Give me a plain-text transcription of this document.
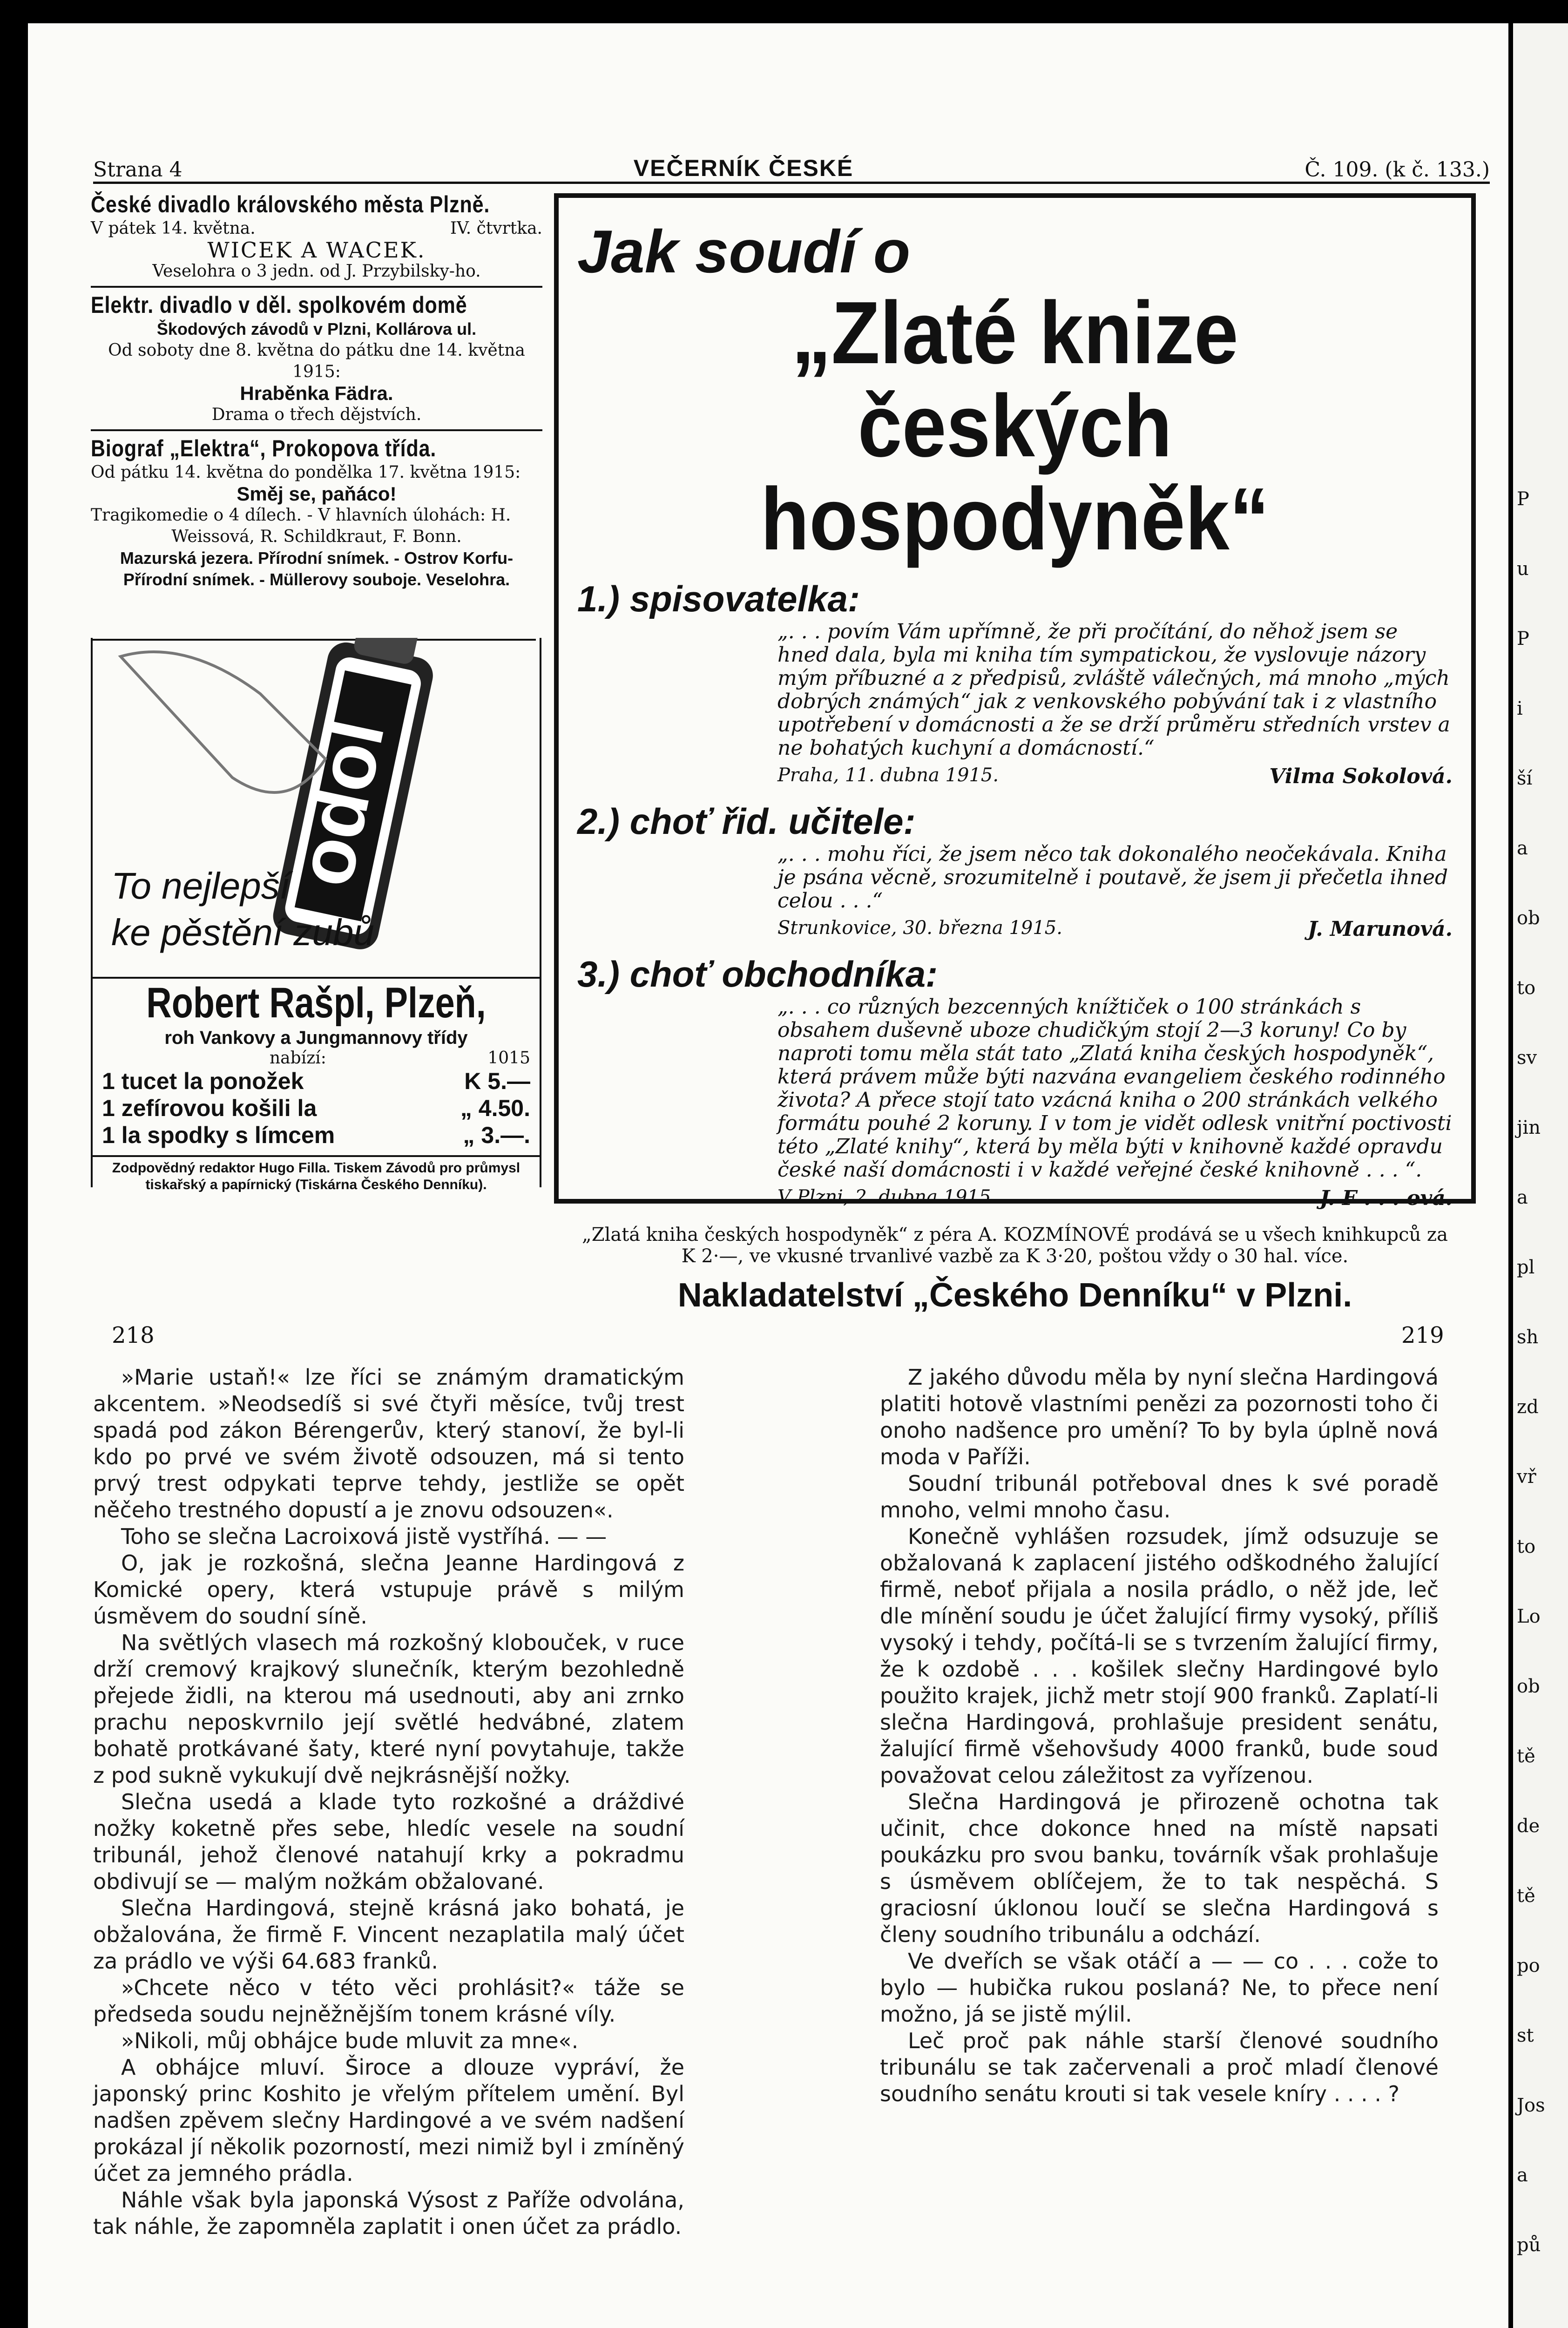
P
u
P
i
ší
a
ob
to
sv
jin
a
pl
sh
zd
vř
to
Lo
ob
tě
de
tě
po
st
Jos
a
pů
Strana 4	VEČERNÍK ČESKÉ	Č. 109. (k č. 133.)
České divadlo královského města Plzně.
V pátek 14. května.	IV. čtvrtka.
WICEK A WACEK.
Veselohra o 3 jedn. od J. Przybilsky-ho.
Elektr. divadlo v děl. spolkovém domě
Škodových závodů v Plzni, Kollárova ul.
Od soboty dne 8. května do pátku dne 14. května 1915:
Hraběnka Fädra.
Drama o třech dějstvích.
Biograf „Elektra“, Prokopova třída.
Od pátku 14. května do pondělka 17. května 1915:
Směj se, paňáco!
Tragikomedie o 4 dílech. - V hlavních úlohách: H.
Weissová, R. Schildkraut, F. Bonn.
Mazurská jezera. Přírodní snímek. - Ostrov Korfu-
Přírodní snímek. - Müllerovy souboje. Veselohra.
odol
To nejlepší
ke pěstění zubů
Robert Rašpl, Plzeň,
roh Vankovy a Jungmannovy třídy
nabízí:	1015
1 tucet la ponožek	K 5.—
1 zefírovou košili la	„ 4.50.
1 la spodky s límcem	„ 3.—.
Zodpovědný redaktor Hugo Filla. Tiskem Závodů pro průmysl tiskařský a papírnický (Tiskárna Českého Denníku).
Jak soudí o
„Zlaté knize
českých hospodyněk“
1.) spisovatelka:
„. . . povím Vám upřímně, že při pročítání, do něhož jsem se hned dala, byla mi kniha tím sympatickou, že vyslovuje názory mým příbuzné a z předpisů, zvláště válečných, má mnoho „mých dobrých známých“ jak z venkovského pobývání tak i z vlastního upotřebení v domácnosti a že se drží průměru středních vrstev a ne bohatých kuchyní a domácností.“
Praha, 11. dubna 1915.	Vilma Sokolová.
2.) choť řid. učitele:
„. . . mohu říci, že jsem něco tak dokonalého neočekávala. Kniha je psána věcně, srozumitelně i poutavě, že jsem ji přečetla ihned celou . . .“
Strunkovice, 30. března 1915.	J. Marunová.
3.) choť obchodníka:
„. . . co různých bezcenných knížtiček o 100 stránkách s obsahem duševně uboze chudičkým stojí 2—3 koruny! Co by naproti tomu měla stát tato „Zlatá kniha českých hospodyněk“, která právem může býti nazvána evangeliem českého rodinného života? A přece stojí tato vzácná kniha o 200 stránkách velkého formátu pouhé 2 koruny. I v tom je vidět odlesk vnitřní poctivosti této „Zlaté knihy“, která by měla býti v knihovně každé opravdu české naší domácnosti i v každé veřejné české knihovně . . . “.
V Plzni, 2. dubna 1915.	J. F . . . ová.
„Zlatá kniha českých hospodyněk“ z péra A. KOZMÍNOVÉ prodává se u všech knihkupců za K 2·—, ve vkusné trvanlivé vazbě za K 3·20, poštou vždy o 30 hal. více.
Nakladatelství „Českého Denníku“ v Plzni.
218	219

»Marie ustaň!« lze říci se známým dramatickým akcentem. »Neodsedíš si své čtyři měsíce, tvůj trest spadá pod zákon Bérengerův, který stanoví, že byl-li kdo po prvé ve svém životě odsouzen, má si tento prvý trest odpykati teprve tehdy, jestliže se opět něčeho trestného dopustí a je znovu odsouzen«.

Toho se slečna Lacroixová jistě vystříhá. — —

O, jak je rozkošná, slečna Jeanne Hardingová z Komické opery, která vstupuje právě s milým úsměvem do soudní síně.

Na světlých vlasech má rozkošný klobouček, v ruce drží cremový krajkový slunečník, kterým bezohledně přejede židli, na kterou má usednouti, aby ani zrnko prachu neposkvrnilo její světlé hedvábné, zlatem bohatě protkávané šaty, které nyní povytahuje, takže z pod sukně vykukují dvě nejkrásnější nožky.

Slečna usedá a klade tyto rozkošné a dráždivé nožky koketně přes sebe, hledíc vesele na soudní tribunál, jehož členové natahují krky a pokradmu obdivují se — malým nožkám obžalované.

Slečna Hardingová, stejně krásná jako bohatá, je obžalována, že firmě F. Vincent nezaplatila malý účet za prádlo ve výši 64.683 franků.

»Chcete něco v této věci prohlásit?« táže se předseda soudu nejněžnějším tonem krásné víly.

»Nikoli, můj obhájce bude mluvit za mne«.

A obhájce mluví. Široce a dlouze vypráví, že japonský princ Koshito je vřelým přítelem umění. Byl nadšen zpěvem slečny Hardingové a ve svém nadšení prokázal jí několik pozorností, mezi nimiž byl i zmíněný účet za jemného prádla.

Náhle však byla japonská Výsost z Paříže odvolána, tak náhle, že zapomněla zaplatit i onen účet za prádlo.

Z jakého důvodu měla by nyní slečna Hardingová platiti hotově vlastními penězi za pozornosti toho či onoho nadšence pro umění? To by byla úplně nová moda v Paříži.

Soudní tribunál potřeboval dnes k své poradě mnoho, velmi mnoho času.

Konečně vyhlášen rozsudek, jímž odsuzuje se obžalovaná k zaplacení jistého odškodného žalující firmě, neboť přijala a nosila prádlo, o něž jde, leč dle mínění soudu je účet žalující firmy vysoký, příliš vysoký i tehdy, počítá-li se s tvrzením žalující firmy, že k ozdobě . . . košilek slečny Hardingové bylo použito krajek, jichž metr stojí 900 franků. Zaplatí-li slečna Hardingová, prohlašuje president senátu, žalující firmě všehovšudy 4000 franků, bude soud považovat celou záležitost za vyřízenou.

Slečna Hardingová je přirozeně ochotna tak učinit, chce dokonce hned na místě napsati poukázku pro svou banku, továrník však prohlašuje s úsměvem oblíčejem, že to tak nespěchá. S graciosní úklonou loučí se slečna Hardingová s členy soudního tribunálu a odchází.

Ve dveřích se však otáčí a — — co . . . cože to bylo — hubička rukou poslaná? Ne, to přece není možno, já se jistě mýlil.

Leč proč pak náhle starší členové soudního tribunálu se tak začervenali a proč mladí členové soudního senátu krouti si tak vesele kníry . . . . ?
